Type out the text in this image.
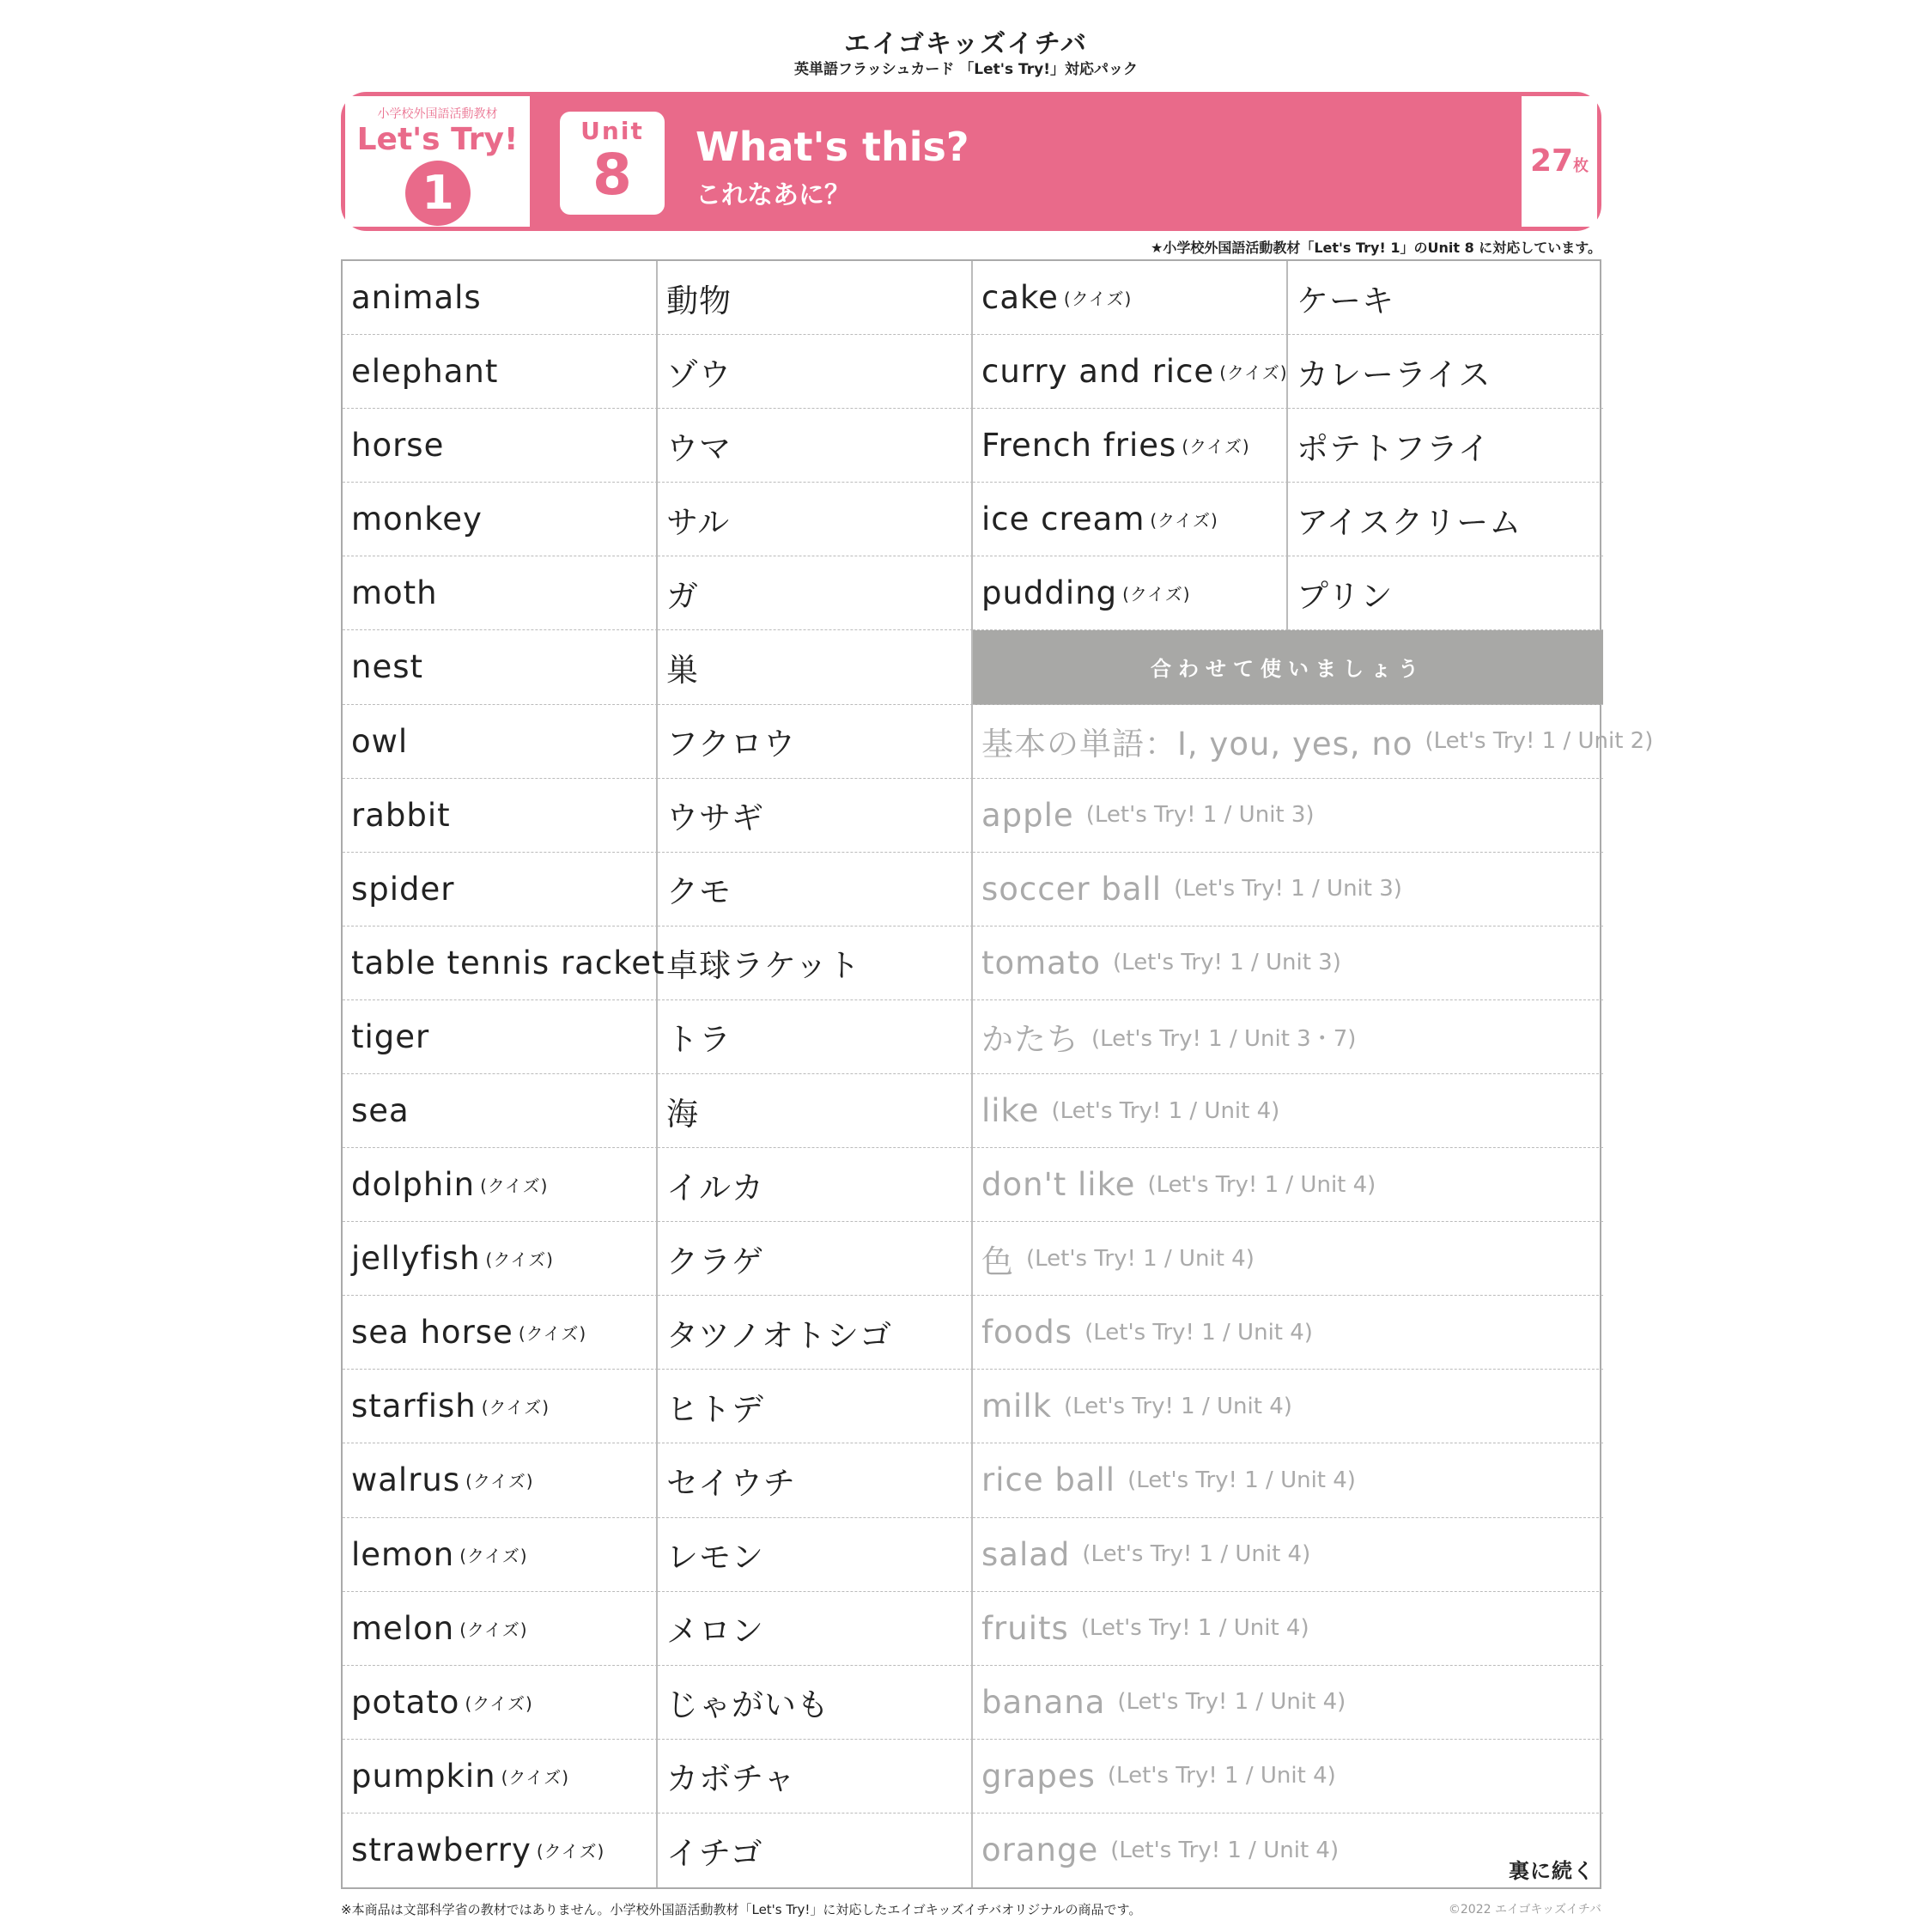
エイゴキッズイチバ
英単語フラッシュカード 「Let's Try!」対応パック
小学校外国語活動教材
Let's Try!
1
Unit
8	What's this?
これなあに？
27枚
★小学校外国語活動教材「Let's Try! 1」のUnit 8 に対応しています。
animals	動物	cake (クイズ)	ケーキ
elephant	ゾウ	curry and rice (クイズ) カレーライス
horse	ウマ	French fries (クイズ) ポテトフライ
monkey	サル	ice cream (クイズ) アイスクリーム
moth	ガ	pudding (クイズ)	プリン
nest	巣	合わせて使いましょう
owl	フクロウ	基本の単語：I, you, yes, no (Let's Try! 1 / Unit 2)
rabbit	ウサギ	apple (Let's Try! 1 / Unit 3)
spider	クモ	soccer ball (Let's Try! 1 / Unit 3)
table tennis racket 卓球ラケット	tomato (Let's Try! 1 / Unit 3)
tiger	トラ	かたち (Let's Try! 1 / Unit 3・7)
sea	海	like (Let's Try! 1 / Unit 4)
dolphin (クイズ)	イルカ	don't like (Let's Try! 1 / Unit 4)
jellyfish (クイズ)	クラゲ	色 (Let's Try! 1 / Unit 4)
sea horse (クイズ)	タツノオトシゴ	foods (Let's Try! 1 / Unit 4)
starfish (クイズ)	ヒトデ	milk (Let's Try! 1 / Unit 4)
walrus (クイズ)	セイウチ	rice ball (Let's Try! 1 / Unit 4)
lemon (クイズ)	レモン	salad (Let's Try! 1 / Unit 4)
melon (クイズ)	メロン	fruits (Let's Try! 1 / Unit 4)
potato (クイズ)	じゃがいも	banana (Let's Try! 1 / Unit 4)
pumpkin (クイズ)	カボチャ	grapes (Let's Try! 1 / Unit 4)
strawberry (クイズ) イチゴ	orange (Let's Try! 1 / Unit 4)
裏に続く
※本商品は文部科学省の教材ではありません。小学校外国語活動教材「Let's Try!」に対応したエイゴキッズイチバオリジナルの商品です。	©2022 エイゴキッズイチバ
